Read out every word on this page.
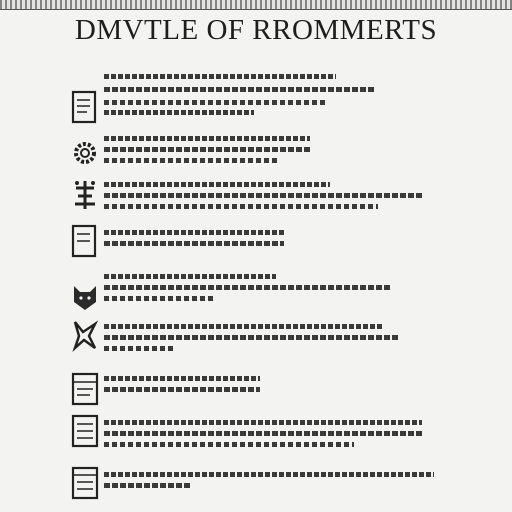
DMVTLE OF RROMMERTS
